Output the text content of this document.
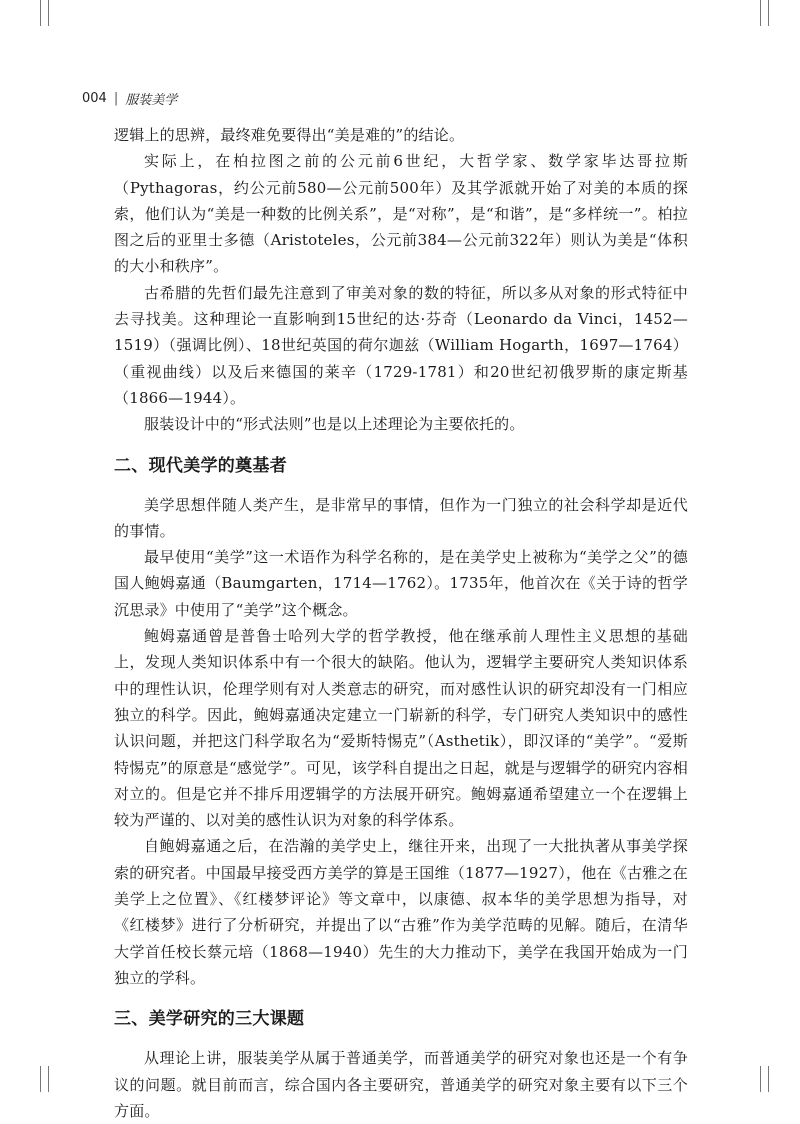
004 | 服装美学

逻辑上的思辨，最终难免要得出“美是难的”的结论。

实际上，在柏拉图之前的公元前6世纪，大哲学家、数学家毕达哥拉斯（Pythagoras，约公元前580—公元前500年）及其学派就开始了对美的本质的探索，他们认为“美是一种数的比例关系”，是“对称”，是“和谐”，是“多样统一”。柏拉图之后的亚里士多德（Aristoteles，公元前384—公元前322年）则认为美是“体积的大小和秩序”。

古希腊的先哲们最先注意到了审美对象的数的特征，所以多从对象的形式特征中去寻找美。这种理论一直影响到15世纪的达·芬奇（Leonardo da Vinci，1452—1519）（强调比例）、18世纪英国的荷尔迦兹（William Hogarth，1697—1764）（重视曲线）以及后来德国的莱辛（1729-1781）和20世纪初俄罗斯的康定斯基（1866—1944）。

服装设计中的“形式法则”也是以上述理论为主要依托的。

二、现代美学的奠基者

美学思想伴随人类产生，是非常早的事情，但作为一门独立的社会科学却是近代的事情。

最早使用“美学”这一术语作为科学名称的，是在美学史上被称为“美学之父”的德国人鲍姆嘉通（Baumgarten，1714—1762）。1735年，他首次在《关于诗的哲学沉思录》中使用了“美学”这个概念。

鲍姆嘉通曾是普鲁士哈列大学的哲学教授，他在继承前人理性主义思想的基础上，发现人类知识体系中有一个很大的缺陷。他认为，逻辑学主要研究人类知识体系中的理性认识，伦理学则有对人类意志的研究，而对感性认识的研究却没有一门相应独立的科学。因此，鲍姆嘉通决定建立一门崭新的科学，专门研究人类知识中的感性认识问题，并把这门科学取名为“爱斯特惕克”（Asthetik），即汉译的“美学”。“爱斯特惕克”的原意是“感觉学”。可见，该学科自提出之日起，就是与逻辑学的研究内容相对立的。但是它并不排斥用逻辑学的方法展开研究。鲍姆嘉通希望建立一个在逻辑上较为严谨的、以对美的感性认识为对象的科学体系。

自鲍姆嘉通之后，在浩瀚的美学史上，继往开来，出现了一大批执著从事美学探索的研究者。中国最早接受西方美学的算是王国维（1877—1927），他在《古雅之在美学上之位置》、《红楼梦评论》等文章中，以康德、叔本华的美学思想为指导，对《红楼梦》进行了分析研究，并提出了以“古雅”作为美学范畴的见解。随后，在清华大学首任校长蔡元培（1868—1940）先生的大力推动下，美学在我国开始成为一门独立的学科。

三、美学研究的三大课题

从理论上讲，服装美学从属于普通美学，而普通美学的研究对象也还是一个有争议的问题。就目前而言，综合国内各主要研究，普通美学的研究对象主要有以下三个方面。
